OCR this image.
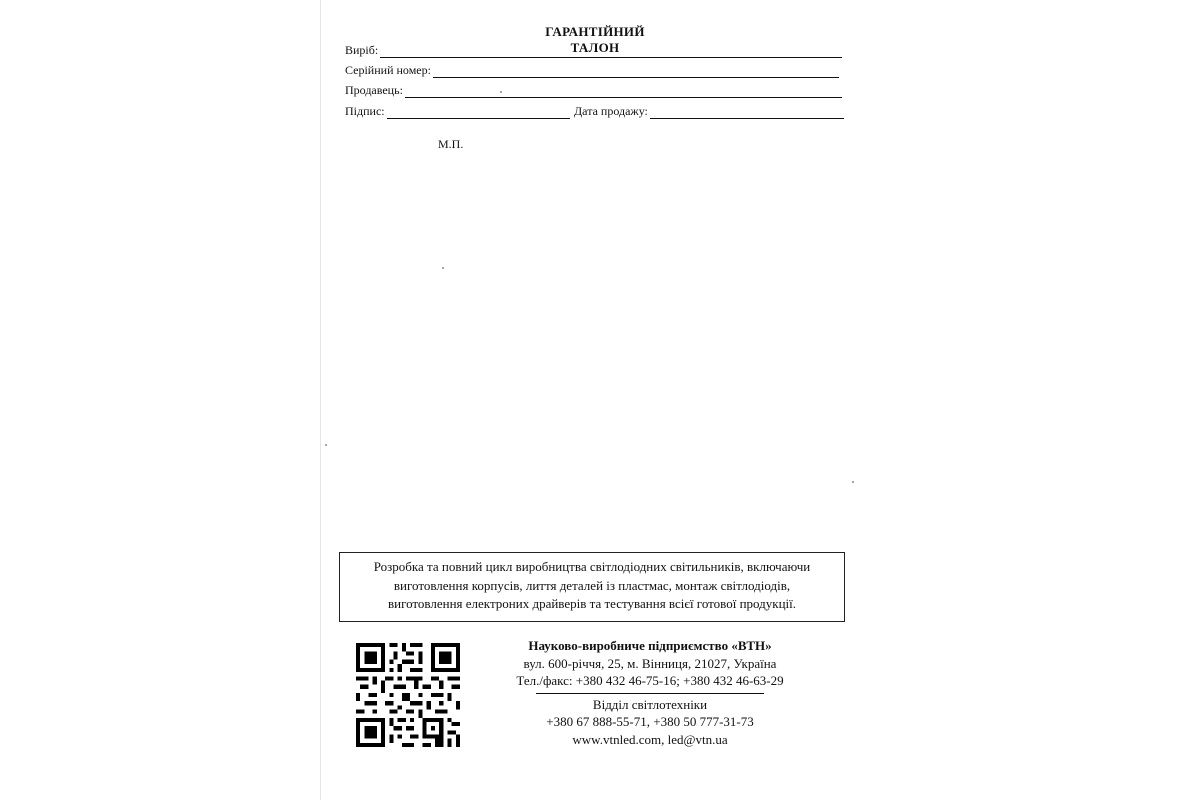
ГАРАНТІЙНИЙ ТАЛОН
Виріб:
Серійний номер:
Продавець:
Підпис:	Дата продажу:
М.П.
Розробка та повний цикл виробництва світлодіодних світильників, включаючи
виготовлення корпусів, лиття деталей із пластмас, монтаж світлодіодів,
виготовлення електроних драйверів та тестування всієї готової продукції.
Науково-виробниче підприємство «ВТН»
вул. 600-річчя, 25, м. Вінниця, 21027, Україна
Тел./факс: +380 432 46-75-16; +380 432 46-63-29
Відділ світлотехніки
+380 67 888-55-71, +380 50 777-31-73
www.vtnled.com, led@vtn.ua
